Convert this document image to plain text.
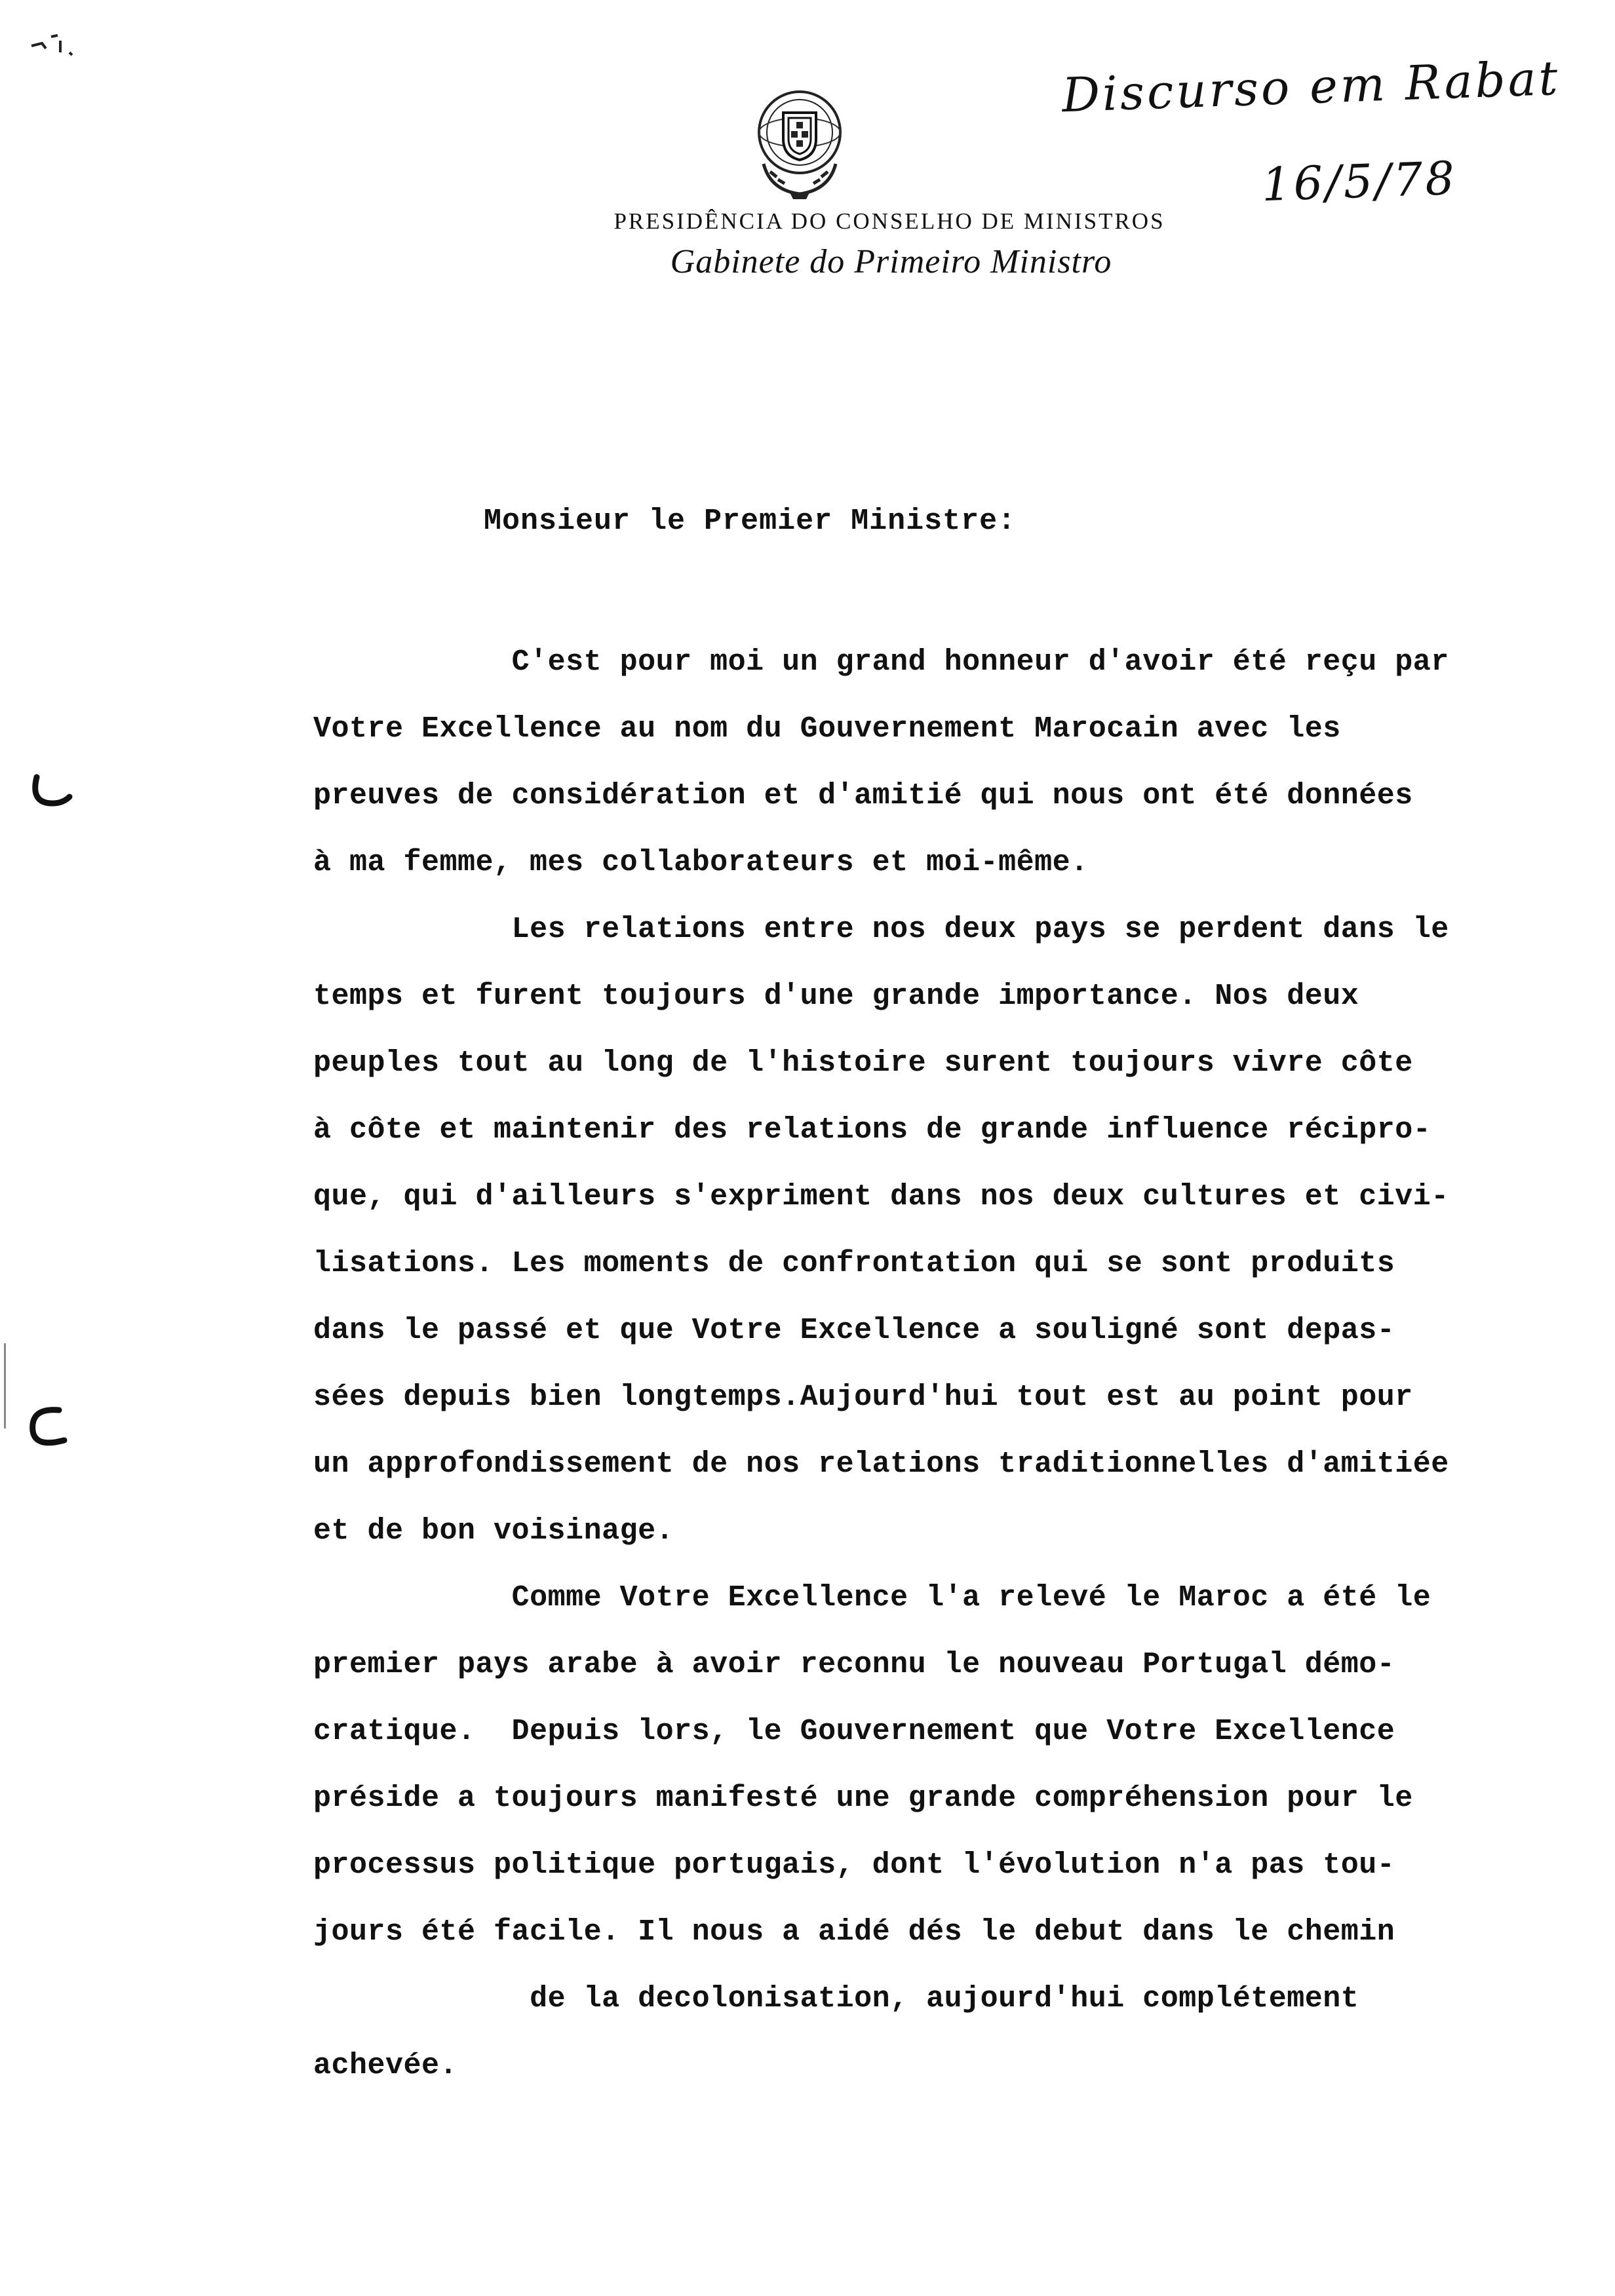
PRESIDÊNCIA DO CONSELHO DE MINISTROS
Gabinete do Primeiro Ministro
Discurso em Rabat
16/5/78
Monsieur le Premier Ministre:

C'est pour moi un grand honneur d'avoir été reçu par
Votre Excellence au nom du Gouvernement Marocain avec les
preuves de considération et d'amitié qui nous ont été données
à ma femme, mes collaborateurs et moi-même.

Les relations entre nos deux pays se perdent dans le
temps et furent toujours d'une grande importance. Nos deux
peuples tout au long de l'histoire surent toujours vivre côte
à côte et maintenir des relations de grande influence récipro-
que, qui d'ailleurs s'expriment dans nos deux cultures et civi-
lisations. Les moments de confrontation qui se sont produits
dans le passé et que Votre Excellence a souligné sont depas-
sées depuis bien longtemps.Aujourd'hui tout est au point pour
un approfondissement de nos relations traditionnelles d'amitiée
et de bon voisinage.

Comme Votre Excellence l'a relevé le Maroc a été le
premier pays arabe à avoir reconnu le nouveau Portugal démo-
cratique.  Depuis lors, le Gouvernement que Votre Excellence
préside a toujours manifesté une grande compréhension pour le
processus politique portugais, dont l'évolution n'a pas tou-
jours été facile. Il nous a aidé dés le debut dans le chemin
de la decolonisation, aujourd'hui complétement
achevée.
